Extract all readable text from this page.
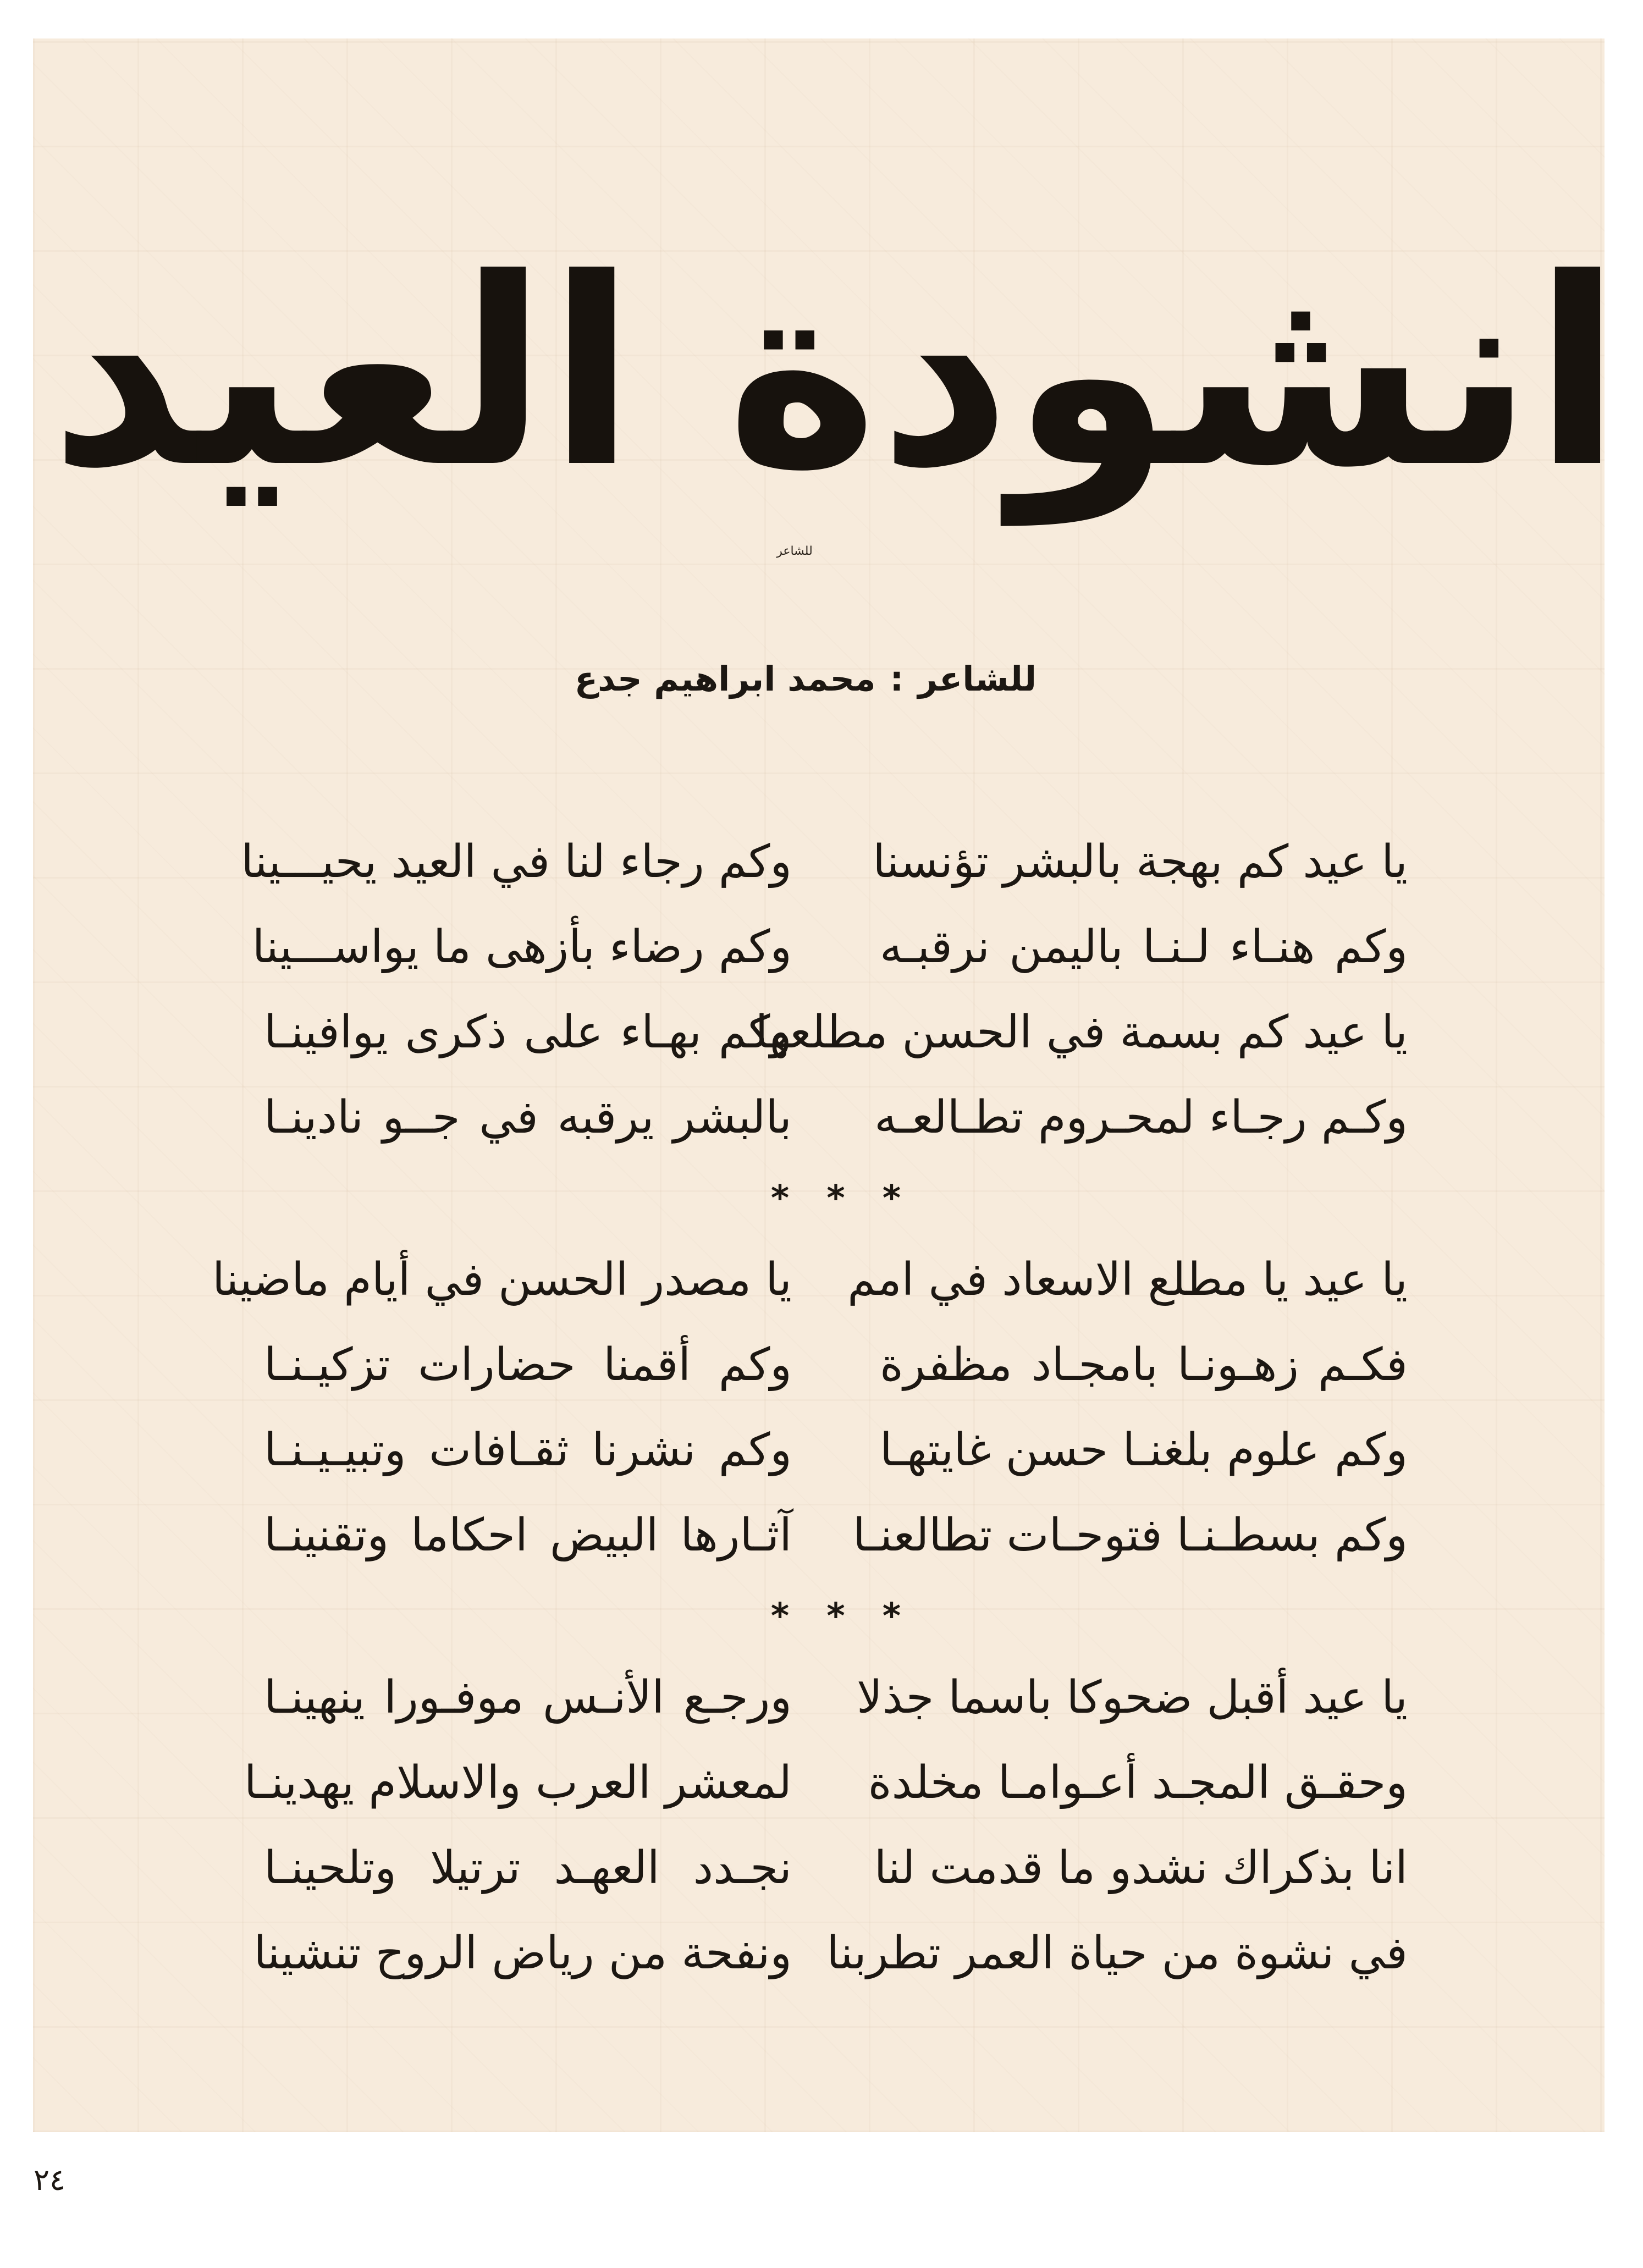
انشودة العيد
للشاعر
للشاعر:محمد ابراهيم جدع
يا عيد كم بهجة بالبشر تؤنسنا
وكم رجاء لنا في العيد يحيـــينا
وكم هنـاء لـنـا باليمن نرقبـه
وكم رضاء بأزهى ما يواســـينا
يا عيد كم بسمة في الحسن مطلعها
وكم بهـاء على ذكرى يوافينـا
وكـم رجـاء لمحـروم تطـالعـه
بالبشر يرقبه في جــو نادينـا
* * *
يا عيد يا مطلع الاسعاد في امم
يا مصدر الحسن في أيام ماضينا
فكـم زهـونـا بامجـاد مظفرة
وكم أقمنا حضارات تزكيـنـا
وكم علوم بلغنـا حسن غايتهـا
وكم نشرنا ثقـافات وتبيـيـنـا
وكم بسطـنـا فتوحـات تطالعنـا
آثـارها البيض احكاما وتقنينـا
* * *
يا عيد أقبل ضحوكا باسما جذلا
ورجـع الأنـس موفـورا ينهينـا
وحقـق المجـد أعـوامـا مخلدة
لمعشر العرب والاسلام يهدينـا
انا بذكراك نشدو ما قدمت لنا
نجـدد العهـد ترتيلا وتلحينـا
في نشوة من حياة العمر تطربنا
ونفحة من رياض الروح تنشينا
٢٤
